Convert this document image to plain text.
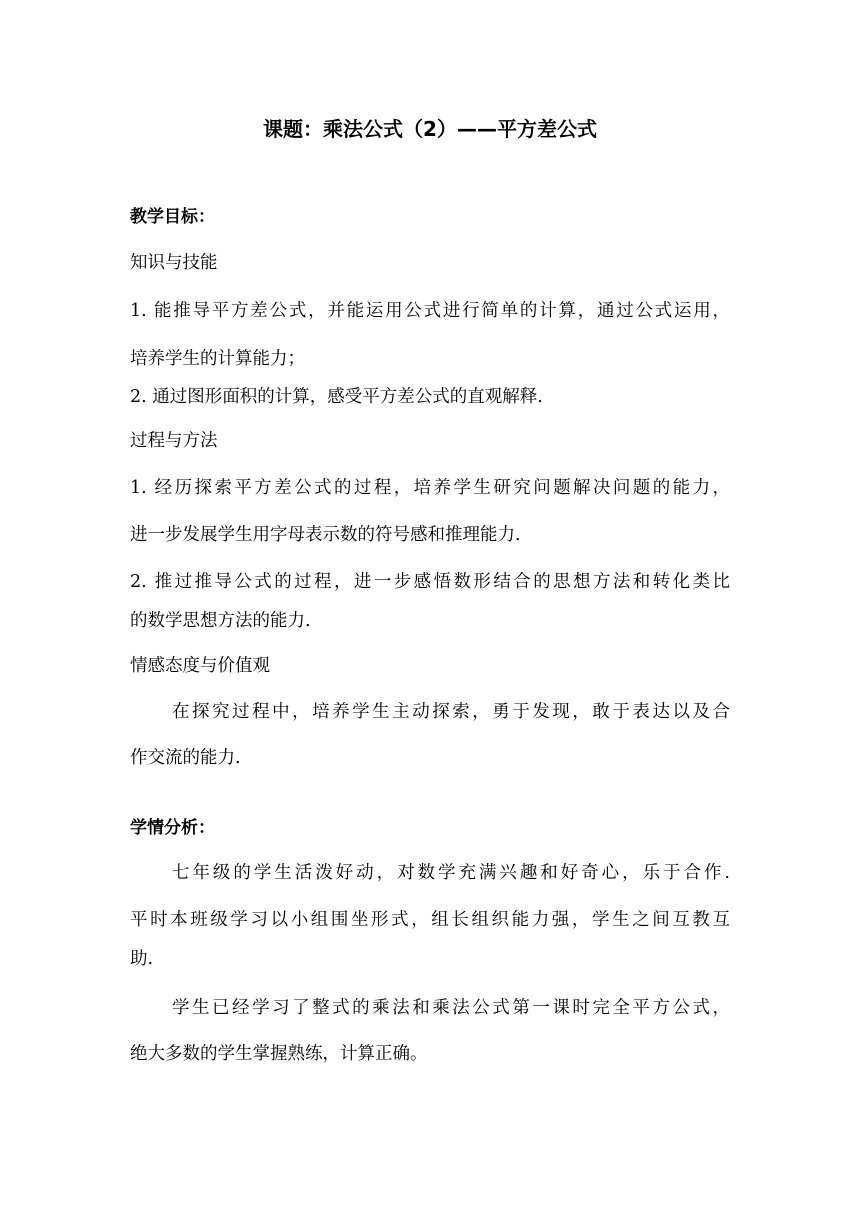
课题：乘法公式（2）——平方差公式
教学目标：
知识与技能
1. 能推导平方差公式，并能运用公式进行简单的计算，通过公式运用，
培养学生的计算能力；
2. 通过图形面积的计算，感受平方差公式的直观解释.
过程与方法
1. 经历探索平方差公式的过程，培养学生研究问题解决问题的能力，
进一步发展学生用字母表示数的符号感和推理能力.
2. 推过推导公式的过程，进一步感悟数形结合的思想方法和转化类比
的数学思想方法的能力.
情感态度与价值观
在探究过程中，培养学生主动探索，勇于发现，敢于表达以及合
作交流的能力.
学情分析：
七年级的学生活泼好动，对数学充满兴趣和好奇心，乐于合作.
平时本班级学习以小组围坐形式，组长组织能力强，学生之间互教互
助.
学生已经学习了整式的乘法和乘法公式第一课时完全平方公式，
绝大多数的学生掌握熟练，计算正确。
